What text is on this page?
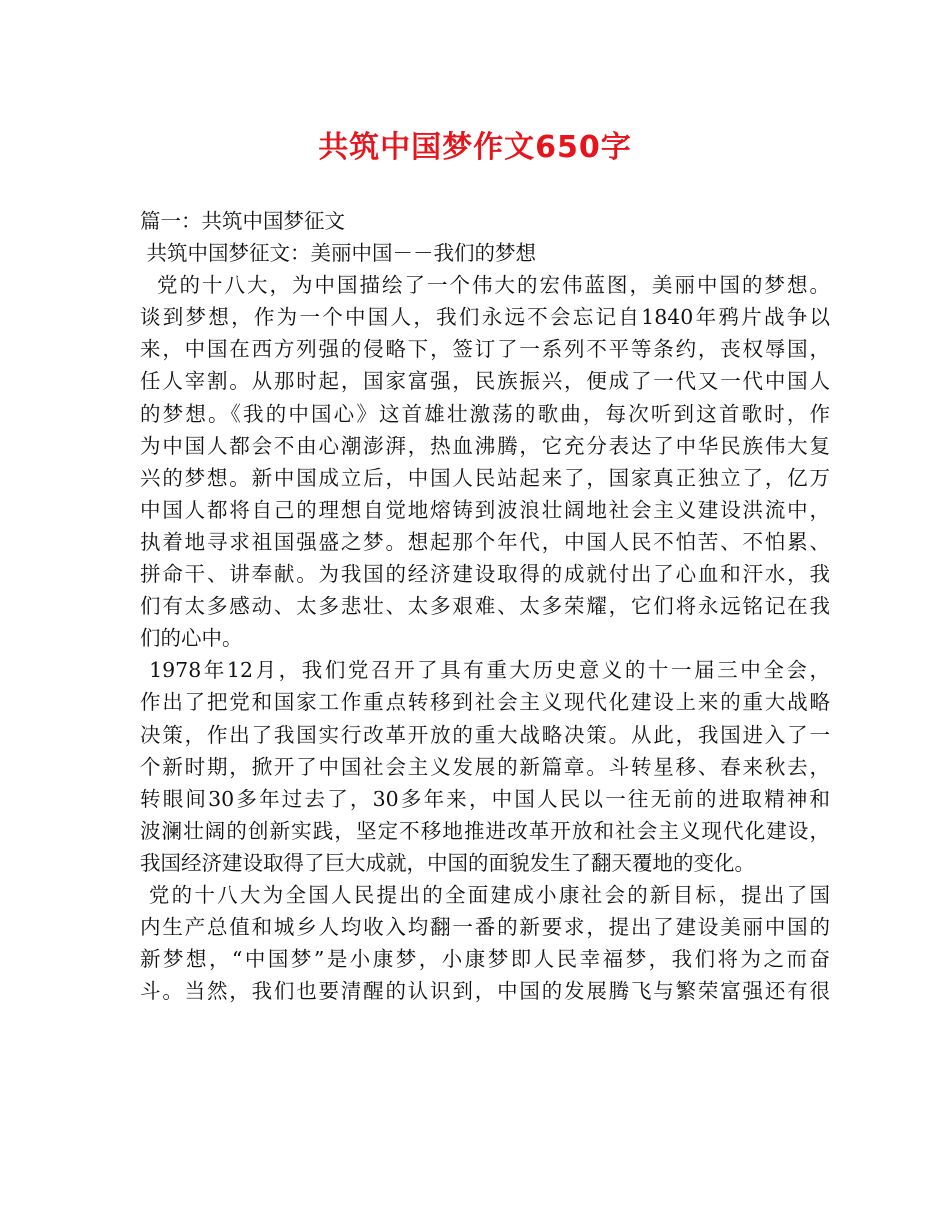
共筑中国梦作文650字
篇一：共筑中国梦征文
共筑中国梦征文：美丽中国－－我们的梦想
党的十八大，为中国描绘了一个伟大的宏伟蓝图，美丽中国的梦想。
谈到梦想，作为一个中国人，我们永远不会忘记自1840年鸦片战争以
来，中国在西方列强的侵略下，签订了一系列不平等条约，丧权辱国，
任人宰割。从那时起，国家富强，民族振兴，便成了一代又一代中国人
的梦想。《我的中国心》这首雄壮激荡的歌曲，每次听到这首歌时，作
为中国人都会不由心潮澎湃，热血沸腾，它充分表达了中华民族伟大复
兴的梦想。新中国成立后，中国人民站起来了，国家真正独立了，亿万
中国人都将自己的理想自觉地熔铸到波浪壮阔地社会主义建设洪流中，
执着地寻求祖国强盛之梦。想起那个年代，中国人民不怕苦、不怕累、
拼命干、讲奉献。为我国的经济建设取得的成就付出了心血和汗水，我
们有太多感动、太多悲壮、太多艰难、太多荣耀，它们将永远铭记在我
们的心中。
1978年12月，我们党召开了具有重大历史意义的十一届三中全会，
作出了把党和国家工作重点转移到社会主义现代化建设上来的重大战略
决策，作出了我国实行改革开放的重大战略决策。从此，我国进入了一
个新时期，掀开了中国社会主义发展的新篇章。斗转星移、春来秋去，
转眼间30多年过去了，30多年来，中国人民以一往无前的进取精神和
波澜壮阔的创新实践，坚定不移地推进改革开放和社会主义现代化建设，
我国经济建设取得了巨大成就，中国的面貌发生了翻天覆地的变化。
党的十八大为全国人民提出的全面建成小康社会的新目标，提出了国
内生产总值和城乡人均收入均翻一番的新要求，提出了建设美丽中国的
新梦想，“中国梦”是小康梦，小康梦即人民幸福梦，我们将为之而奋
斗。当然，我们也要清醒的认识到，中国的发展腾飞与繁荣富强还有很
